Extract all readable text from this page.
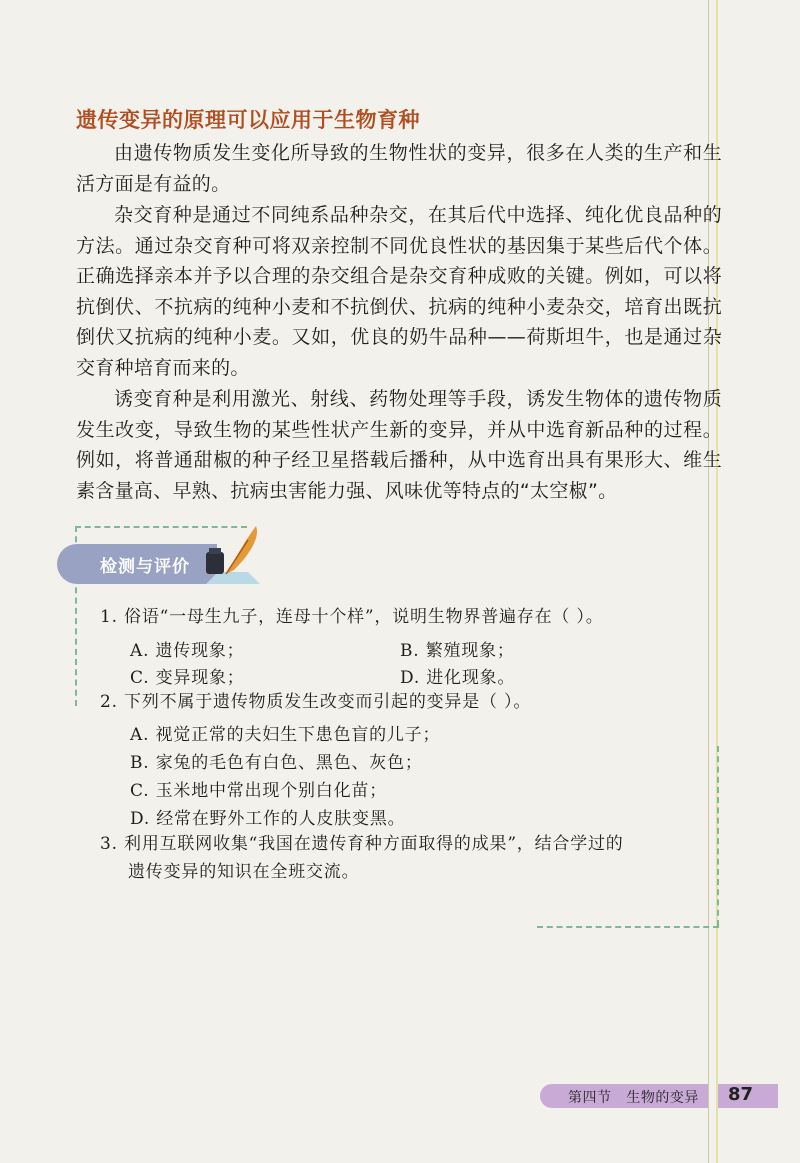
遗传变异的原理可以应用于生物育种

由遗传物质发生变化所导致的生物性状的变异，很多在人类的生产和生活方面是有益的。

杂交育种是通过不同纯系品种杂交，在其后代中选择、纯化优良品种的方法。通过杂交育种可将双亲控制不同优良性状的基因集于某些后代个体。正确选择亲本并予以合理的杂交组合是杂交育种成败的关键。例如，可以将抗倒伏、不抗病的纯种小麦和不抗倒伏、抗病的纯种小麦杂交，培育出既抗倒伏又抗病的纯种小麦。又如，优良的奶牛品种——荷斯坦牛，也是通过杂交育种培育而来的。

诱变育种是利用激光、射线、药物处理等手段，诱发生物体的遗传物质发生改变，导致生物的某些性状产生新的变异，并从中选育新品种的过程。例如，将普通甜椒的种子经卫星搭载后播种，从中选育出具有果形大、维生素含量高、早熟、抗病虫害能力强、风味优等特点的“太空椒”。

检测与评价
1. 俗语“一母生九子，连母十个样”，说明生物界普遍存在（ ）。
A. 遗传现象；	B. 繁殖现象；
C. 变异现象；	D. 进化现象。
2. 下列不属于遗传物质发生改变而引起的变异是（ ）。
A. 视觉正常的夫妇生下患色盲的儿子；
B. 家兔的毛色有白色、黑色、灰色；
C. 玉米地中常出现个别白化苗；
D. 经常在野外工作的人皮肤变黑。
3. 利用互联网收集“我国在遗传育种方面取得的成果”，结合学过的
遗传变异的知识在全班交流。
第四节 生物的变异 87
